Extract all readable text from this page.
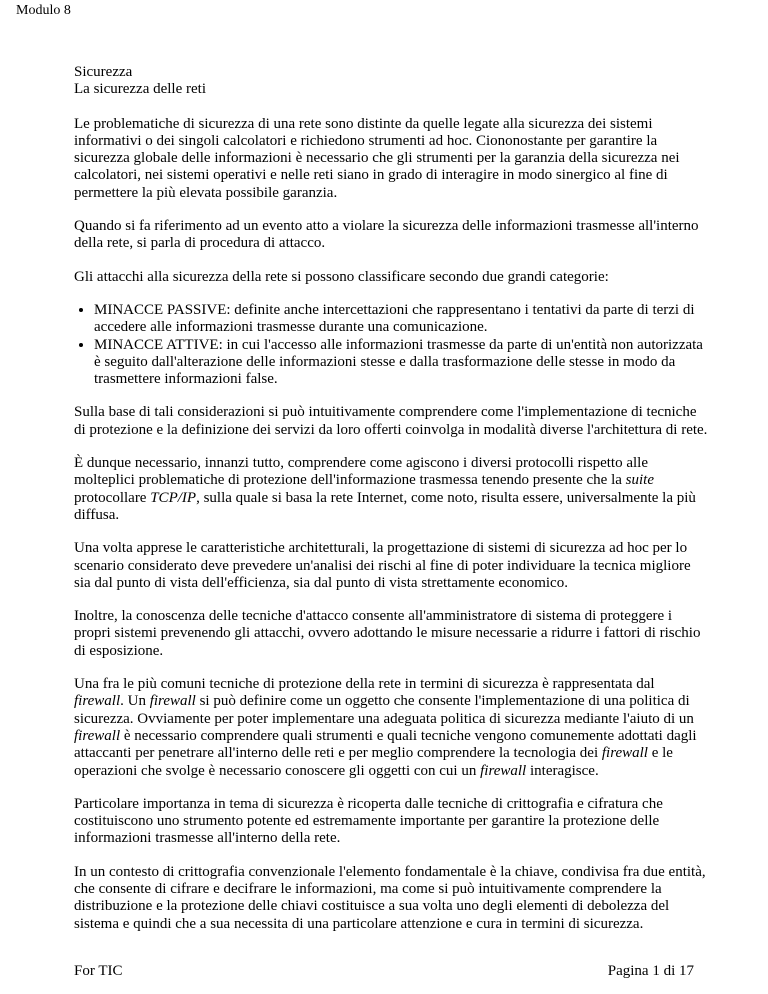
Modulo 8
Sicurezza
La sicurezza delle reti

Le problematiche di sicurezza di una rete sono distinte da quelle legate alla sicurezza dei sistemi informativi o dei singoli calcolatori e richiedono strumenti ad hoc. Ciononostante per garantire la sicurezza globale delle informazioni è necessario che gli strumenti per la garanzia della sicurezza nei calcolatori, nei sistemi operativi e nelle reti siano in grado di interagire in modo sinergico al fine di permettere la più elevata possibile garanzia.

Quando si fa riferimento ad un evento atto a violare la sicurezza delle informazioni trasmesse all'interno della rete, si parla di procedura di attacco.

Gli attacchi alla sicurezza della rete si possono classificare secondo due grandi categorie:

• MINACCE PASSIVE: definite anche intercettazioni che rappresentano i tentativi da parte di terzi di accedere alle informazioni trasmesse durante una comunicazione.
• MINACCE ATTIVE: in cui l'accesso alle informazioni trasmesse da parte di un'entità non autorizzata è seguito dall'alterazione delle informazioni stesse e dalla trasformazione delle stesse in modo da trasmettere informazioni false.

Sulla base di tali considerazioni si può intuitivamente comprendere come l'implementazione di tecniche di protezione e la definizione dei servizi da loro offerti coinvolga in modalità diverse l'architettura di rete.

È dunque necessario, innanzi tutto, comprendere come agiscono i diversi protocolli rispetto alle molteplici problematiche di protezione dell'informazione trasmessa tenendo presente che la suite protocollare TCP/IP, sulla quale si basa la rete Internet, come noto, risulta essere, universalmente la più diffusa.

Una volta apprese le caratteristiche architetturali, la progettazione di sistemi di sicurezza ad hoc per lo scenario considerato deve prevedere un'analisi dei rischi al fine di poter individuare la tecnica migliore sia dal punto di vista dell'efficienza, sia dal punto di vista strettamente economico.

Inoltre, la conoscenza delle tecniche d'attacco consente all'amministratore di sistema di proteggere i propri sistemi prevenendo gli attacchi, ovvero adottando le misure necessarie a ridurre i fattori di rischio di esposizione.

Una fra le più comuni tecniche di protezione della rete in termini di sicurezza è rappresentata dal firewall. Un firewall si può definire come un oggetto che consente l'implementazione di una politica di sicurezza. Ovviamente per poter implementare una adeguata politica di sicurezza mediante l'aiuto di un firewall è necessario comprendere quali strumenti e quali tecniche vengono comunemente adottati dagli attaccanti per penetrare all'interno delle reti e per meglio comprendere la tecnologia dei firewall e le operazioni che svolge è necessario conoscere gli oggetti con cui un firewall interagisce.

Particolare importanza in tema di sicurezza è ricoperta dalle tecniche di crittografia e cifratura che costituiscono uno strumento potente ed estremamente importante per garantire la protezione delle informazioni trasmesse all'interno della rete.

In un contesto di crittografia convenzionale l'elemento fondamentale è la chiave, condivisa fra due entità, che consente di cifrare e decifrare le informazioni, ma come si può intuitivamente comprendere la distribuzione e la protezione delle chiavi costituisce a sua volta uno degli elementi di debolezza del sistema e quindi che a sua necessita di una particolare attenzione e cura in termini di sicurezza.

For TIC	Pagina 1 di 17
